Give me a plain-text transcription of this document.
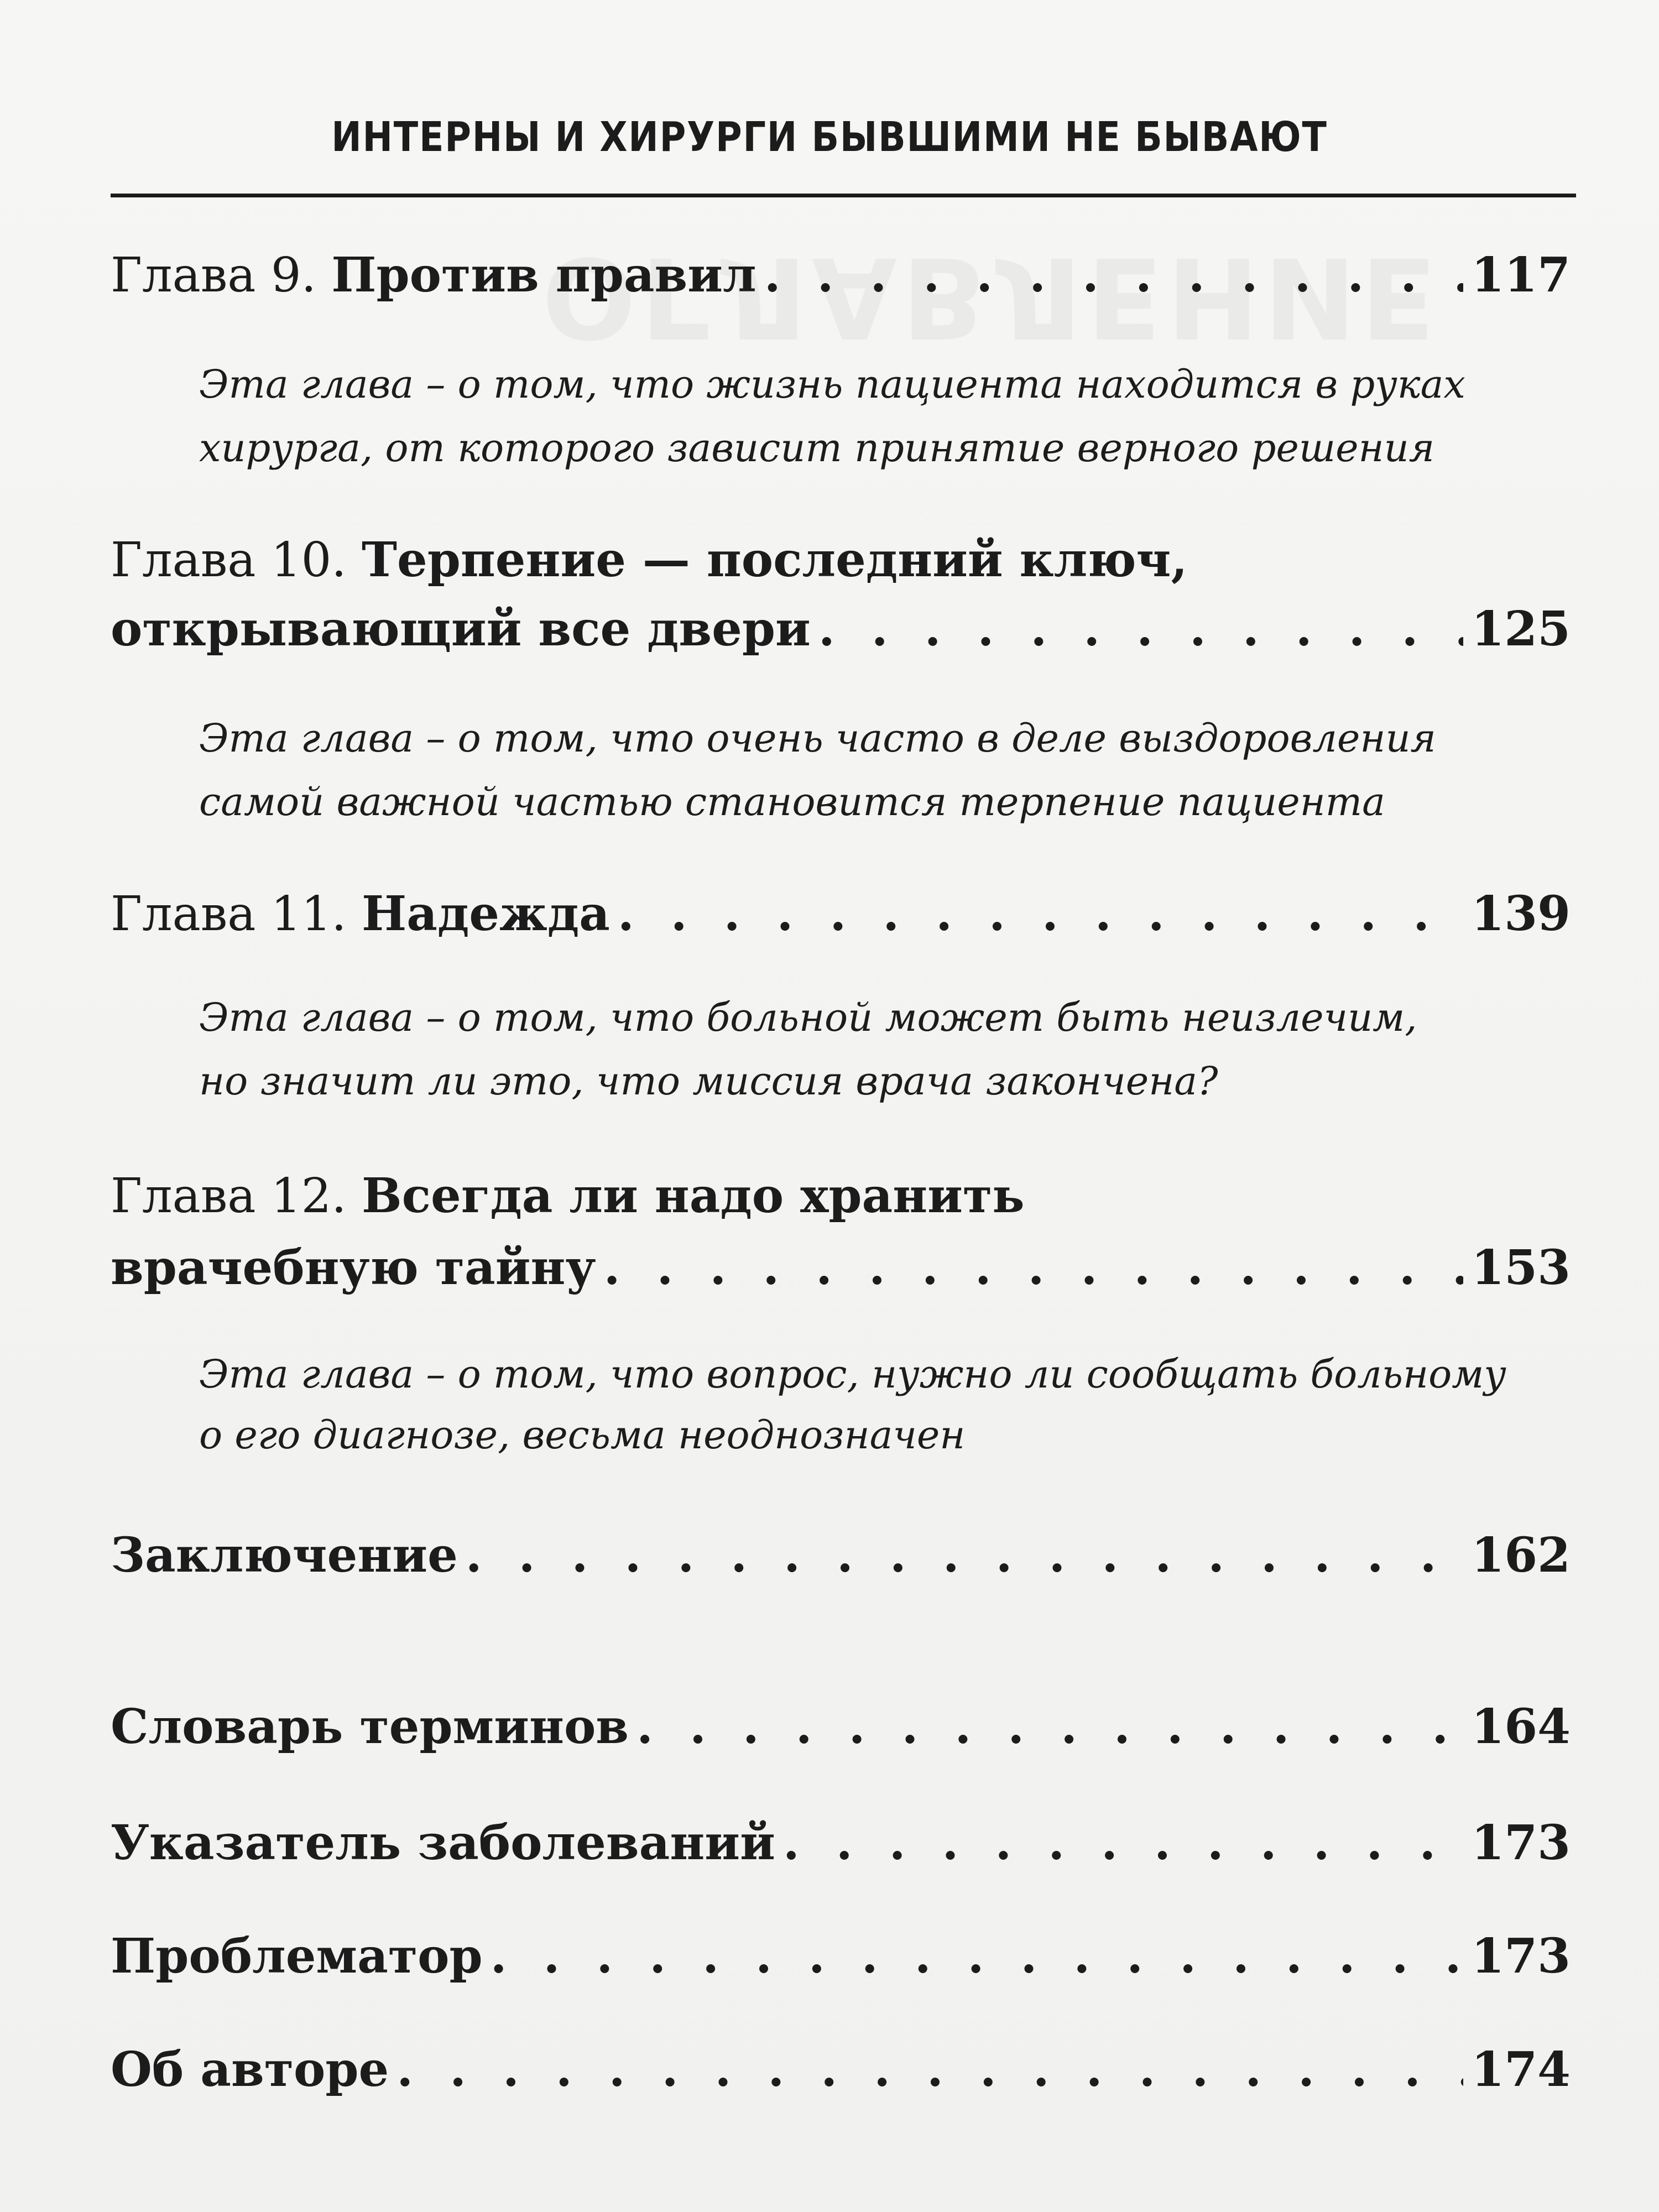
ИНТЕРНЫ И ХИРУРГИ БЫВШИМИ НЕ БЫВАЮТ
Глава 9. Против правил . . .	117
Эта глава – о том, что жизнь пациента находится в руках
хирурга, от которого зависит принятие верного решения
Глава 10. Терпение — последний ключ,
открывающий все двери . . .	125
Эта глава – о том, что очень часто в деле выздоровления
самой важной частью становится терпение пациента
Глава 11. Надежда . . .	139
Эта глава – о том, что больной может быть неизлечим,
но значит ли это, что миссия врача закончена?
Глава 12. Всегда ли надо хранить
врачебную тайну . . .	153
Эта глава – о том, что вопрос, нужно ли сообщать больному
о его диагнозе, весьма неоднозначен
Заключение . . .	162
Словарь терминов . . .	164
Указатель заболеваний . . .	173
Проблематор . . .	173
Об авторе . . .	174
